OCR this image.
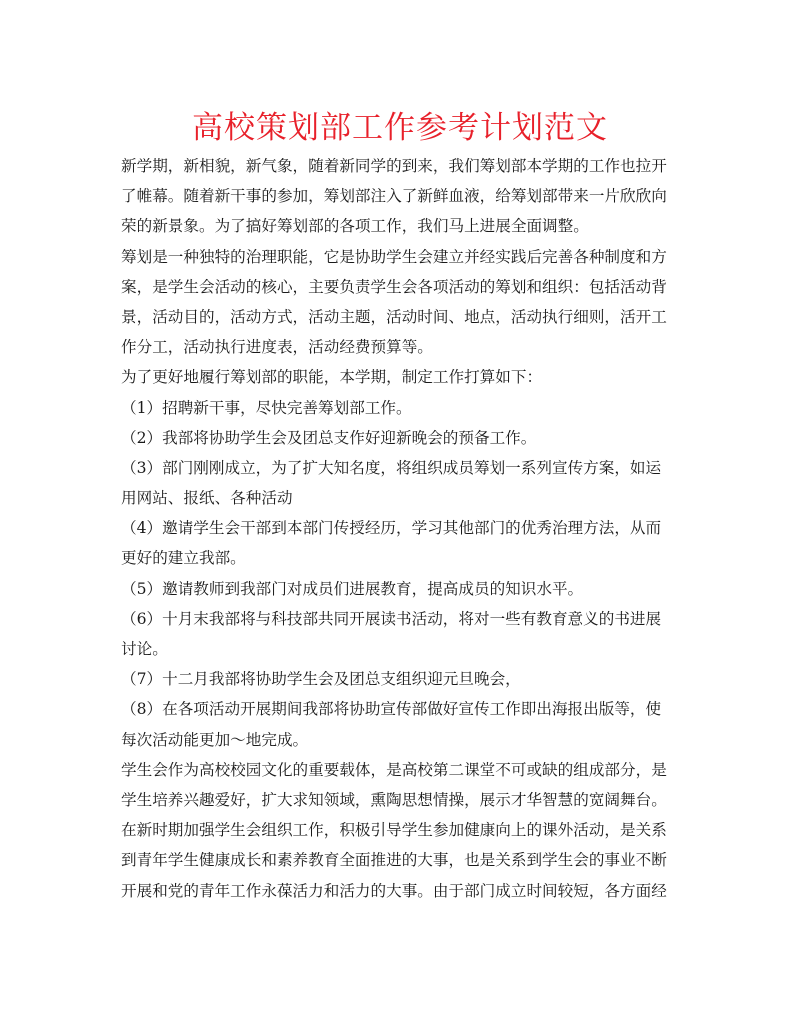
高校策划部工作参考计划范文
新学期，新相貌，新气象，随着新同学的到来，我们筹划部本学期的工作也拉开
了帷幕。随着新干事的参加，筹划部注入了新鲜血液，给筹划部带来一片欣欣向
荣的新景象。为了搞好筹划部的各项工作，我们马上进展全面调整。
筹划是一种独特的治理职能，它是协助学生会建立并经实践后完善各种制度和方
案，是学生会活动的核心，主要负责学生会各项活动的筹划和组织：包括活动背
景，活动目的，活动方式，活动主题，活动时间、地点，活动执行细则，活开工
作分工，活动执行进度表，活动经费预算等。
为了更好地履行筹划部的职能，本学期，制定工作打算如下：
（1）招聘新干事，尽快完善筹划部工作。
（2）我部将协助学生会及团总支作好迎新晚会的预备工作。
（3）部门刚刚成立，为了扩大知名度，将组织成员筹划一系列宣传方案，如运
用网站、报纸、各种活动
（4）邀请学生会干部到本部门传授经历，学习其他部门的优秀治理方法，从而
更好的建立我部。
（5）邀请教师到我部门对成员们进展教育，提高成员的知识水平。
（6）十月末我部将与科技部共同开展读书活动，将对一些有教育意义的书进展
讨论。
（7）十二月我部将协助学生会及团总支组织迎元旦晚会，
（8）在各项活动开展期间我部将协助宣传部做好宣传工作即出海报出版等，使
每次活动能更加～地完成。
学生会作为高校校园文化的重要载体，是高校第二课堂不可或缺的组成部分，是
学生培养兴趣爱好，扩大求知领域，熏陶思想情操，展示才华智慧的宽阔舞台。
在新时期加强学生会组织工作，积极引导学生参加健康向上的课外活动，是关系
到青年学生健康成长和素养教育全面推进的大事，也是关系到学生会的事业不断
开展和党的青年工作永葆活力和活力的大事。由于部门成立时间较短，各方面经
